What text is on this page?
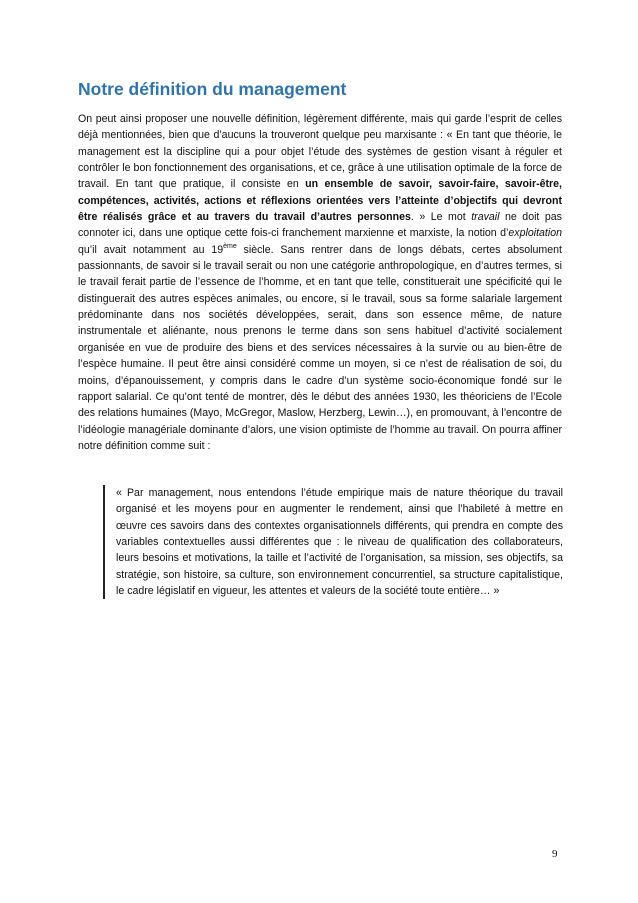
Notre définition du management

On peut ainsi proposer une nouvelle définition, légèrement différente, mais qui garde l’esprit de celles déjà mentionnées, bien que d’aucuns la trouveront quelque peu marxisante : « En tant que théorie, le management est la discipline qui a pour objet l’étude des systèmes de gestion visant à réguler et contrôler le bon fonctionnement des organisations, et ce, grâce à une utilisation optimale de la force de travail. En tant que pratique, il consiste en un ensemble de savoir, savoir-faire, savoir-être, compétences, activités, actions et réflexions orientées vers l’atteinte d’objectifs qui devront être réalisés grâce et au travers du travail d’autres personnes. » Le mot travail ne doit pas connoter ici, dans une optique cette fois-ci franchement marxienne et marxiste, la notion d’exploitation qu’il avait notamment au 19ème siècle. Sans rentrer dans de longs débats, certes absolument passionnants, de savoir si le travail serait ou non une catégorie anthropologique, en d’autres termes, si le travail ferait partie de l’essence de l’homme, et en tant que telle, constituerait une spécificité qui le distinguerait des autres espèces animales, ou encore, si le travail, sous sa forme salariale largement prédominante dans nos sociétés développées, serait, dans son essence même, de nature instrumentale et aliénante, nous prenons le terme dans son sens habituel d’activité socialement organisée en vue de produire des biens et des services nécessaires à la survie ou au bien-être de l’espèce humaine. Il peut être ainsi considéré comme un moyen, si ce n’est de réalisation de soi, du moins, d’épanouissement, y compris dans le cadre d’un système socio-économique fondé sur le rapport salarial. Ce qu’ont tenté de montrer, dès le début des années 1930, les théoriciens de l’Ecole des relations humaines (Mayo, McGregor, Maslow, Herzberg, Lewin…), en promouvant, à l’encontre de l’idéologie managériale dominante d’alors, une vision optimiste de l’homme au travail. On pourra affiner notre définition comme suit :

« Par management, nous entendons l’étude empirique mais de nature théorique du travail organisé et les moyens pour en augmenter le rendement, ainsi que l’habileté à mettre en œuvre ces savoirs dans des contextes organisationnels différents, qui prendra en compte des variables contextuelles aussi différentes que : le niveau de qualification des collaborateurs, leurs besoins et motivations, la taille et l’activité de l’organisation, sa mission, ses objectifs, sa stratégie, son histoire, sa culture, son environnement concurrentiel, sa structure capitalistique, le cadre législatif en vigueur, les attentes et valeurs de la société toute entière… »

9
